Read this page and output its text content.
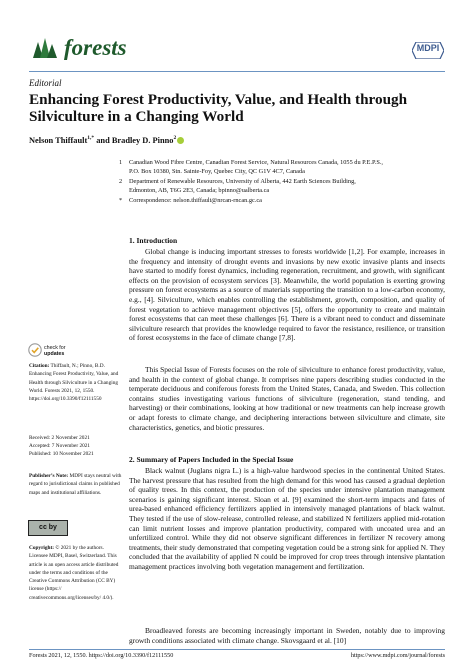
forests	MDPI
Editorial
Enhancing Forest Productivity, Value, and Health through Silviculture in a Changing World
Nelson Thiffault$^{1,*}$ and Bradley D. Pinno$^2$
1 Canadian Wood Fibre Centre, Canadian Forest Service, Natural Resources Canada, 1055 du P.E.P.S.,
P.O. Box 10380, Stn. Sainte-Foy, Quebec City, QC G1V 4C7, Canada
2 Department of Renewable Resources, University of Alberta, 442 Earth Sciences Building,
Edmonton, AB, T6G 2E3, Canada; bpinno@ualberta.ca
* Correspondence: nelson.thiffault@nrcan-rncan.gc.ca
1. Introduction
Global change is inducing important stresses to forests worldwide [1,2]. For example, increases in the frequency and intensity of drought events and invasions by new exotic invasive plants and insects have started to modify forest dynamics, including regeneration, recruitment, and growth, with significant effects on the provision of ecosystem services [3]. Meanwhile, the world population is exerting growing pressure on forest ecosystems as a source of materials supporting the transition to a low-carbon economy, e.g., [4]. Silviculture, which enables controlling the establishment, growth, composition, and quality of forest vegetation to achieve management objectives [5], offers the opportunity to create and maintain forest ecosystems that can meet these challenges [6]. There is a vibrant need to conduct and disseminate silviculture research that provides the knowledge required to favor the resistance, resilience, or transition of forest ecosystems in the face of climate change [7,8].
This Special Issue of Forests focuses on the role of silviculture to enhance forest productivity, value, and health in the context of global change. It comprises nine papers describing studies conducted in the temperate deciduous and coniferous forests from the United States, Canada, and Sweden. This collection contains studies investigating various functions of silviculture (regeneration, stand tending, and harvesting) or their combinations, looking at how traditional or new treatments can help increase growth or adapt forests to climate change, and deciphering interactions between silviculture and climate, site characteristics, genetics, and biotic pressures.
2. Summary of Papers Included in the Special Issue
Black walnut (Juglans nigra L.) is a high-value hardwood species in the continental United States. The harvest pressure that has resulted from the high demand for this wood has caused a gradual depletion of quality trees. In this context, the production of the species under intensive plantation management scenarios is gaining significant interest. Sloan et al. [9] examined the short-term impacts and fates of urea-based enhanced efficiency fertilizers applied in intensively managed plantations of black walnut. They tested if the use of slow-release, controlled release, and stabilized N fertilizers applied mid-rotation can limit nutrient losses and improve plantation productivity, compared with uncoated urea and an unfertilized control. While they did not observe significant differences in fertilizer N recovery among treatments, their study demonstrated that competing vegetation could be a strong sink for applied N. They concluded that the availability of applied N could be improved for crop trees through intensive plantation management practices involving both vegetation management and fertilization.
Broadleaved forests are becoming increasingly important in Sweden, notably due to improving growth conditions associated with climate change. Skovsgaard et al. [10]
check for
updates
Citation: Thiffault, N.; Pinno, B.D. Enhancing Forest Productivity, Value, and Health through Silviculture in a Changing World. Forests 2021, 12, 1550. https://doi.org/10.3390/f12111550
Received: 2 November 2021
Accepted: 7 November 2021
Published: 10 November 2021
Publisher’s Note: MDPI stays neutral with regard to jurisdictional claims in published maps and institutional affiliations.
cc by
Copyright: © 2021 by the authors. Licensee MDPI, Basel, Switzerland. This article is an open access article distributed under the terms and conditions of the Creative Commons Attribution (CC BY) license (https:// creativecommons.org/licenses/by/ 4.0/).
Forests 2021, 12, 1550. https://doi.org/10.3390/f12111550	https://www.mdpi.com/journal/forests
